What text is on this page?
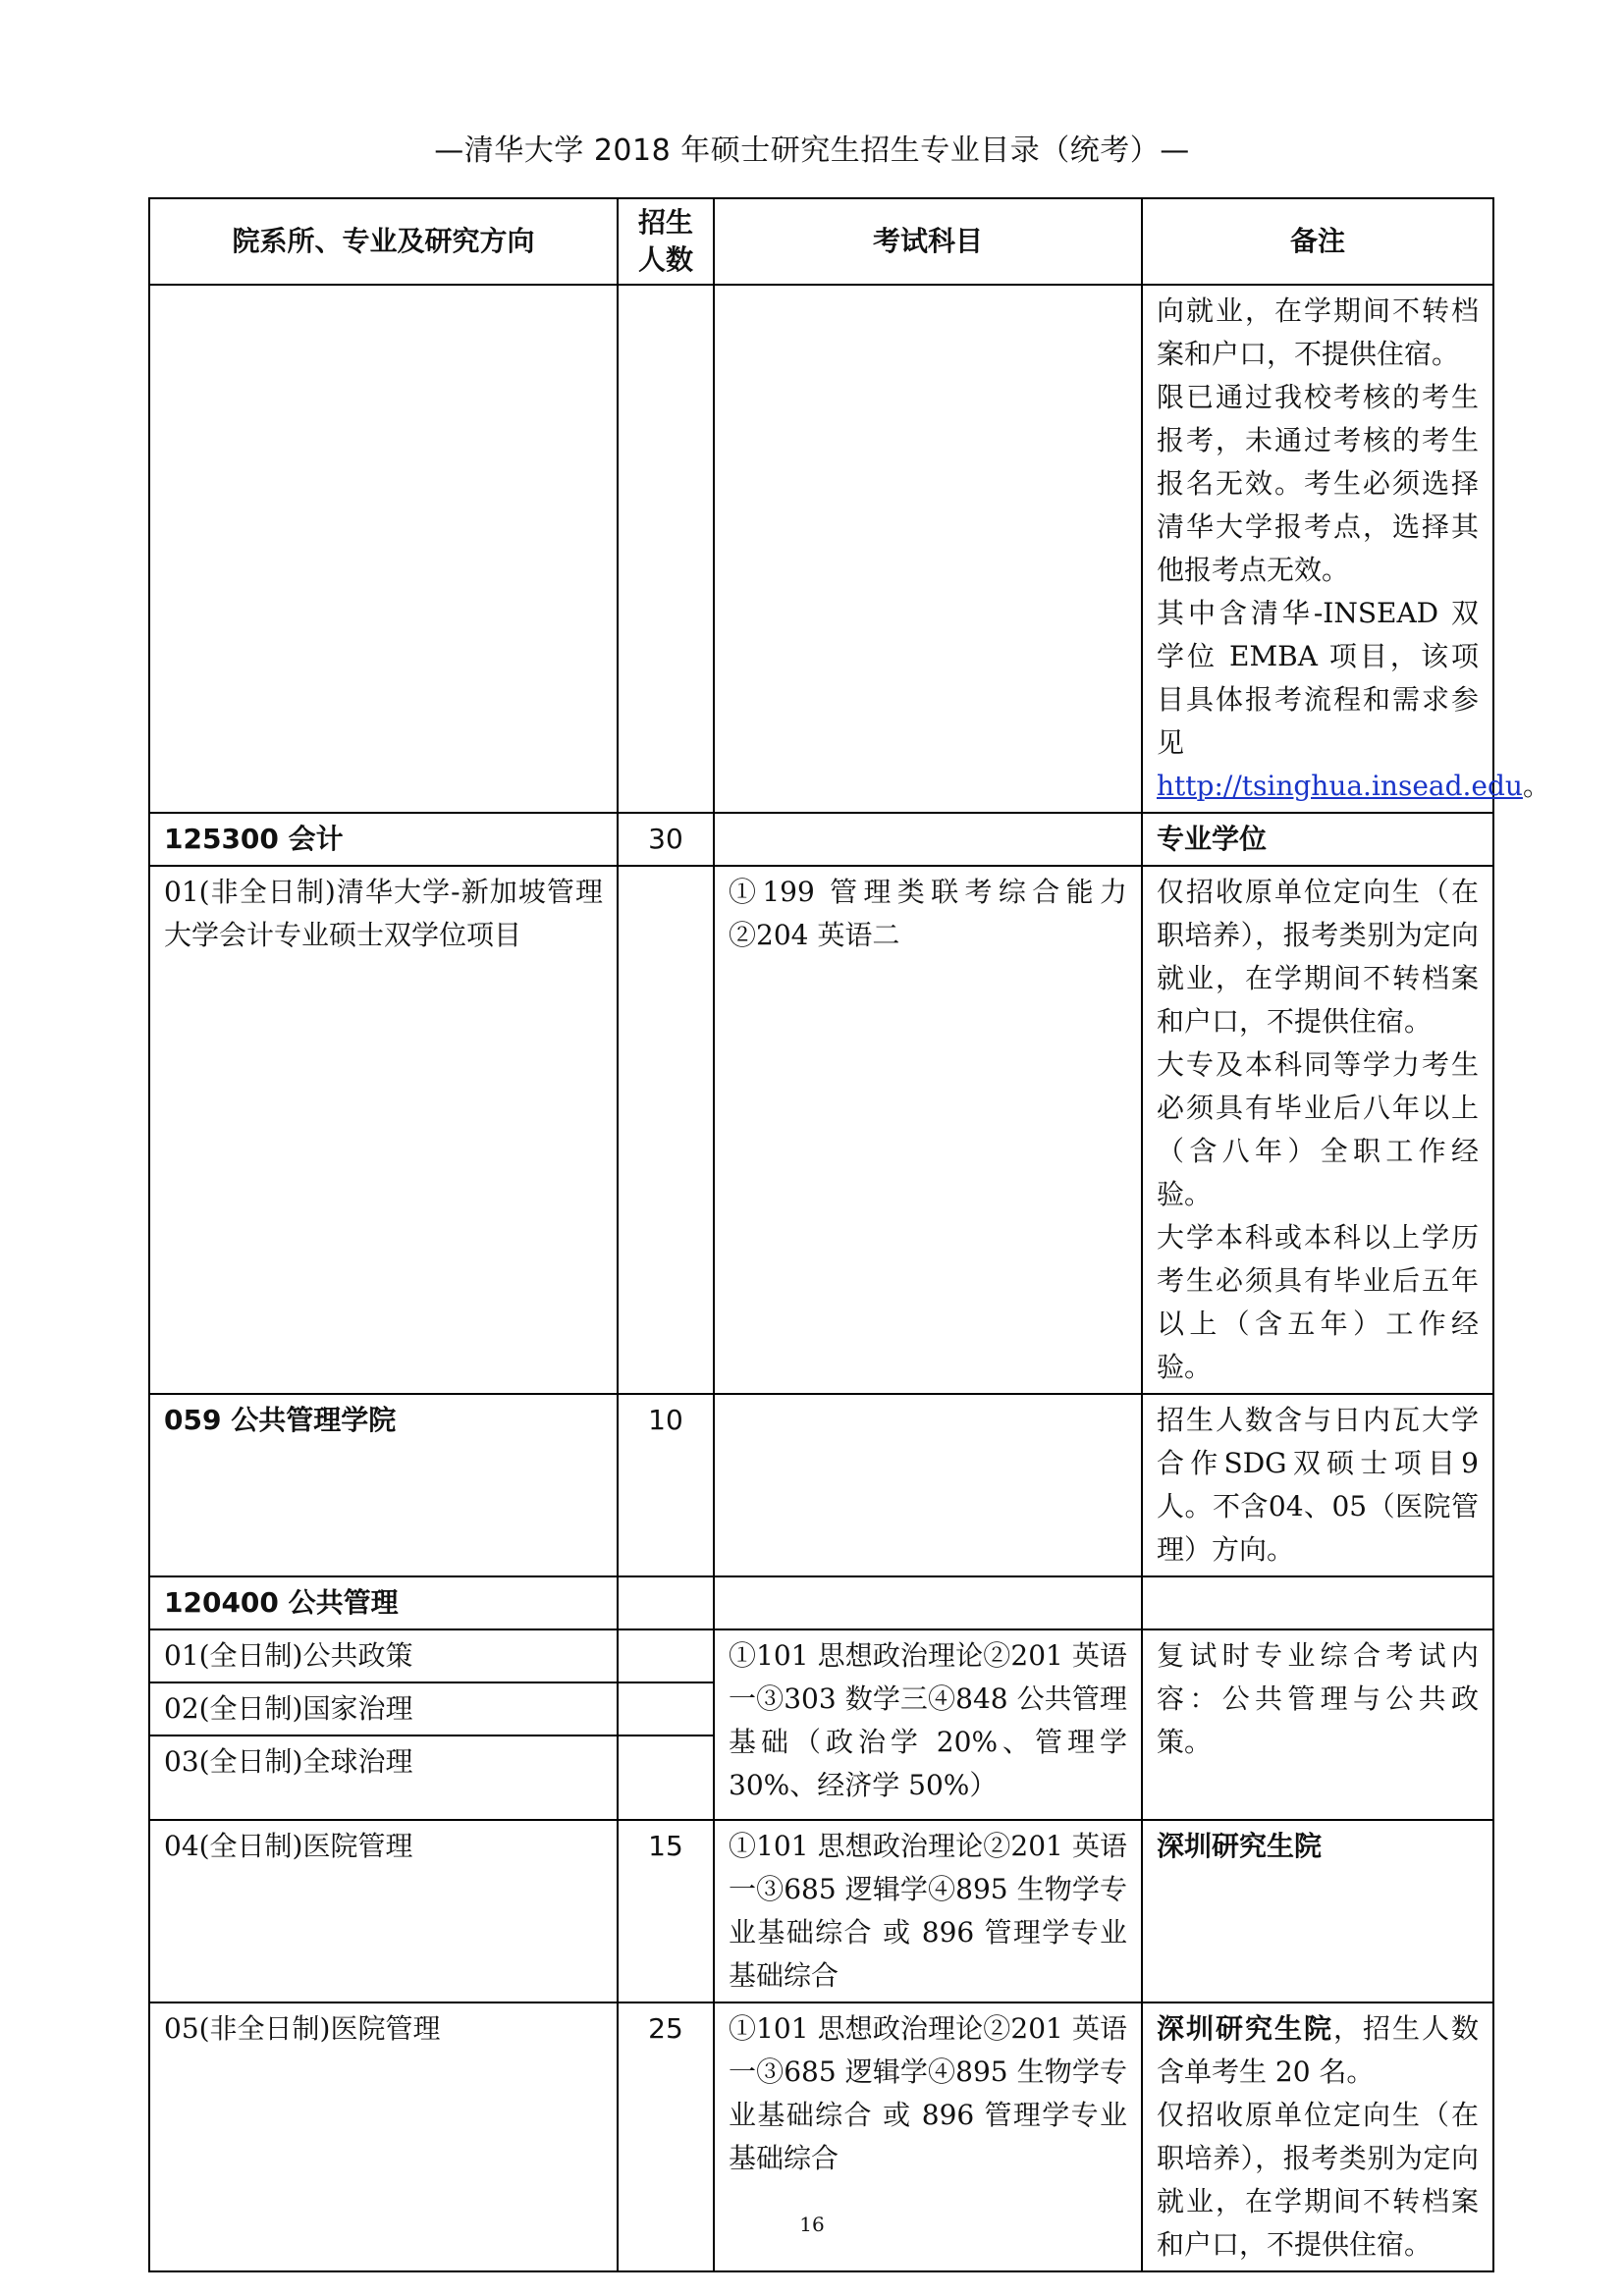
—清华大学 2018 年硕士研究生招生专业目录（统考）—
院系所、专业及研究方向	招生人数	考试科目	备注

			向就业，在学期间不转档案和户口，不提供住宿。
限已通过我校考核的考生报考，未通过考核的考生报名无效。考生必须选择清华大学报考点，选择其他报考点无效。
其中含清华-INSEAD 双学位 EMBA 项目，该项目具体报考流程和需求参见
http://tsinghua.insead.edu。
125300 会计	30		专业学位
01(非全日制)清华大学-新加坡管理大学会计专业硕士双学位项目		①199 管理类联考综合能力②204 英语二	仅招收原单位定向生（在职培养），报考类别为定向就业，在学期间不转档案和户口，不提供住宿。
大专及本科同等学力考生必须具有毕业后八年以上（含八年）全职工作经验。
大学本科或本科以上学历考生必须具有毕业后五年以上（含五年）工作经验。

059 公共管理学院	10		招生人数含与日内瓦大学合作SDG双硕士项目9人。不含04、05（医院管理）方向。
120400 公共管理			
01(全日制)公共政策		①101 思想政治理论②201 英语一③303 数学三④848 公共管理基础（政治学 20%、管理学 30%、经济学 50%）	复试时专业综合考试内容：公共管理与公共政策。
02(全日制)国家治理			
03(全日制)全球治理			
04(全日制)医院管理	15	①101 思想政治理论②201 英语一③685 逻辑学④895 生物学专业基础综合 或 896 管理学专业基础综合	深圳研究生院
05(非全日制)医院管理	25	①101 思想政治理论②201 英语一③685 逻辑学④895 生物学专业基础综合 或 896 管理学专业基础综合	深圳研究生院，招生人数含单考生 20 名。
仅招收原单位定向生（在职培养），报考类别为定向就业，在学期间不转档案和户口，不提供住宿。
16
